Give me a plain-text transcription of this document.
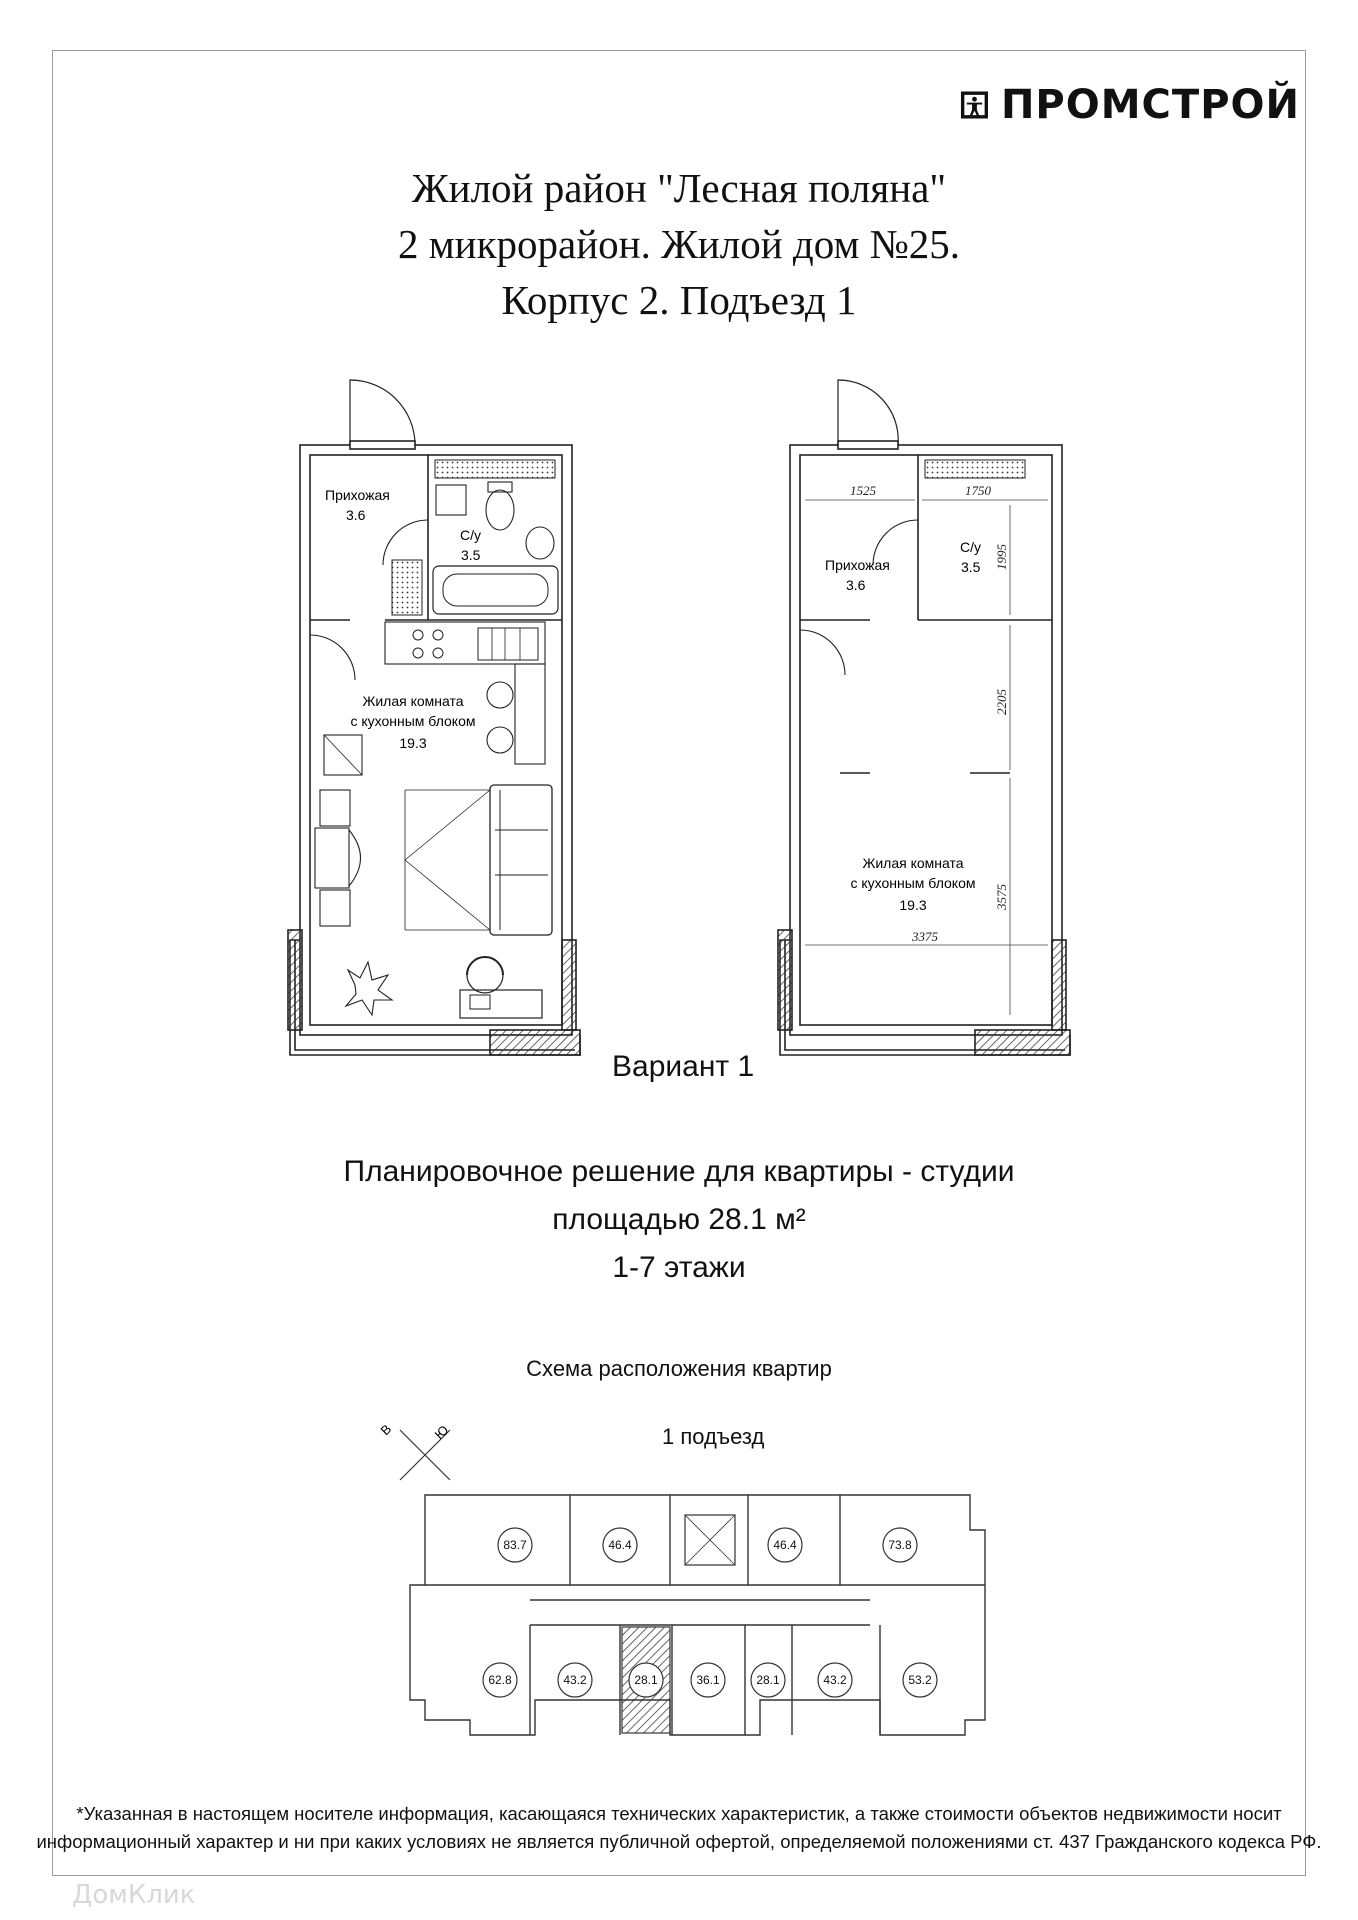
ПРОМСТРОЙ
Жилой район "Лесная поляна"
2 микрорайон. Жилой дом №25.
Корпус 2. Подъезд 1
Прихожая
3.6
С/у
3.5
Жилая комната
с кухонным блоком
19.3
1525	1750
1995
2205
3575
3375
Прихожая
3.6
С/у
3.5
Жилая комната
с кухонным блоком
19.3
В	Ю
83.7	46.4	46.4	73.8
62.8	43.2	28.1	36.1	28.1	43.2	53.2
Вариант 1
Планировочное решение для квартиры - студии
площадью 28.1 м²
1-7 этажи
Схема расположения квартир
1 подъезд
*Указанная в настоящем носителе информация, касающаяся технических характеристик, а также стоимости объектов недвижимости носит
информационный характер и ни при каких условиях не является публичной офертой, определяемой положениями ст. 437 Гражданского кодекса РФ.
ДомКлик
